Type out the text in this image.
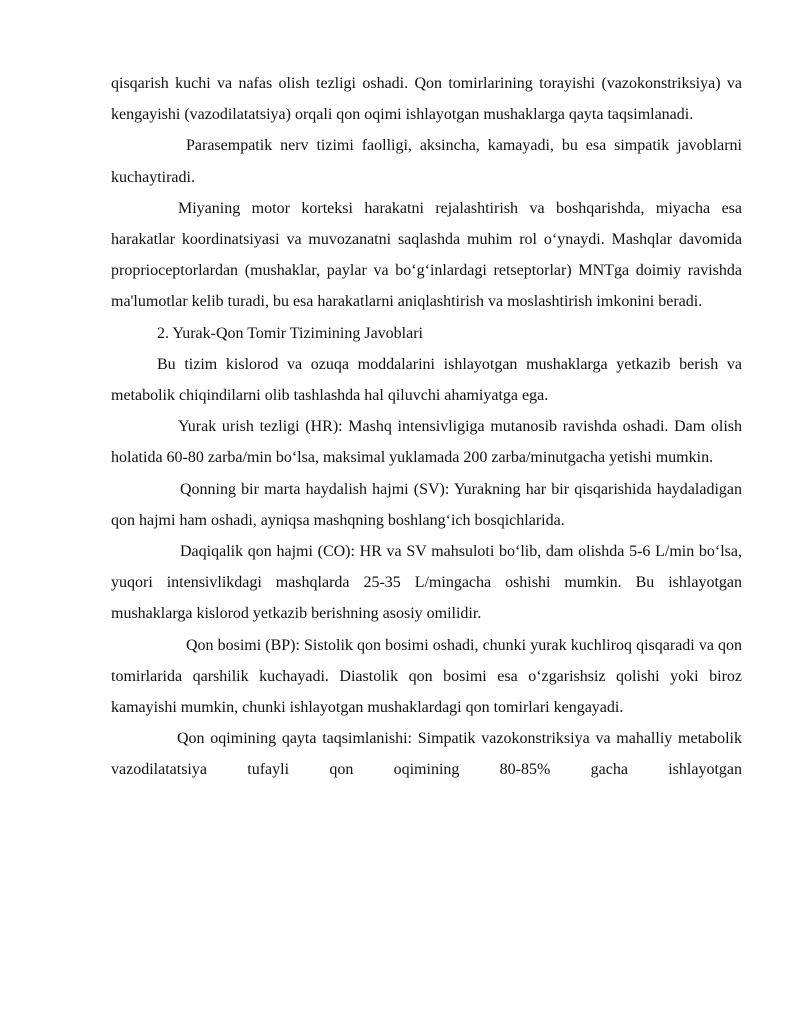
qisqarish kuchi va nafas olish tezligi oshadi. Qon tomirlarining torayishi (vazokonstriksiya) va kengayishi (vazodilatatsiya) orqali qon oqimi ishlayotgan mushaklarga qayta taqsimlanadi.

Parasempatik nerv tizimi faolligi, aksincha, kamayadi, bu esa simpatik javoblarni kuchaytiradi.

Miyaning motor korteksi harakatni rejalashtirish va boshqarishda, miyacha esa harakatlar koordinatsiyasi va muvozanatni saqlashda muhim rol o‘ynaydi. Mashqlar davomida proprioceptorlardan (mushaklar, paylar va bo‘g‘inlardagi retseptorlar) MNTga doimiy ravishda ma'lumotlar kelib turadi, bu esa harakatlarni aniqlashtirish va moslashtirish imkonini beradi.

2. Yurak-Qon Tomir Tizimining Javoblari

Bu tizim kislorod va ozuqa moddalarini ishlayotgan mushaklarga yetkazib berish va metabolik chiqindilarni olib tashlashda hal qiluvchi ahamiyatga ega.

Yurak urish tezligi (HR): Mashq intensivligiga mutanosib ravishda oshadi. Dam olish holatida 60-80 zarba/min bo‘lsa, maksimal yuklamada 200 zarba/minutgacha yetishi mumkin.

Qonning bir marta haydalish hajmi (SV): Yurakning har bir qisqarishida haydaladigan qon hajmi ham oshadi, ayniqsa mashqning boshlang‘ich bosqichlarida.

Daqiqalik qon hajmi (CO): HR va SV mahsuloti bo‘lib, dam olishda 5-6 L/min bo‘lsa, yuqori intensivlikdagi mashqlarda 25-35 L/mingacha oshishi mumkin. Bu ishlayotgan mushaklarga kislorod yetkazib berishning asosiy omilidir.

Qon bosimi (BP): Sistolik qon bosimi oshadi, chunki yurak kuchliroq qisqaradi va qon tomirlarida qarshilik kuchayadi. Diastolik qon bosimi esa o‘zgarishsiz qolishi yoki biroz kamayishi mumkin, chunki ishlayotgan mushaklardagi qon tomirlari kengayadi.

Qon oqimining qayta taqsimlanishi: Simpatik vazokonstriksiya va mahalliy metabolik vazodilatatsiya tufayli qon oqimining 80-85% gacha ishlayotgan
